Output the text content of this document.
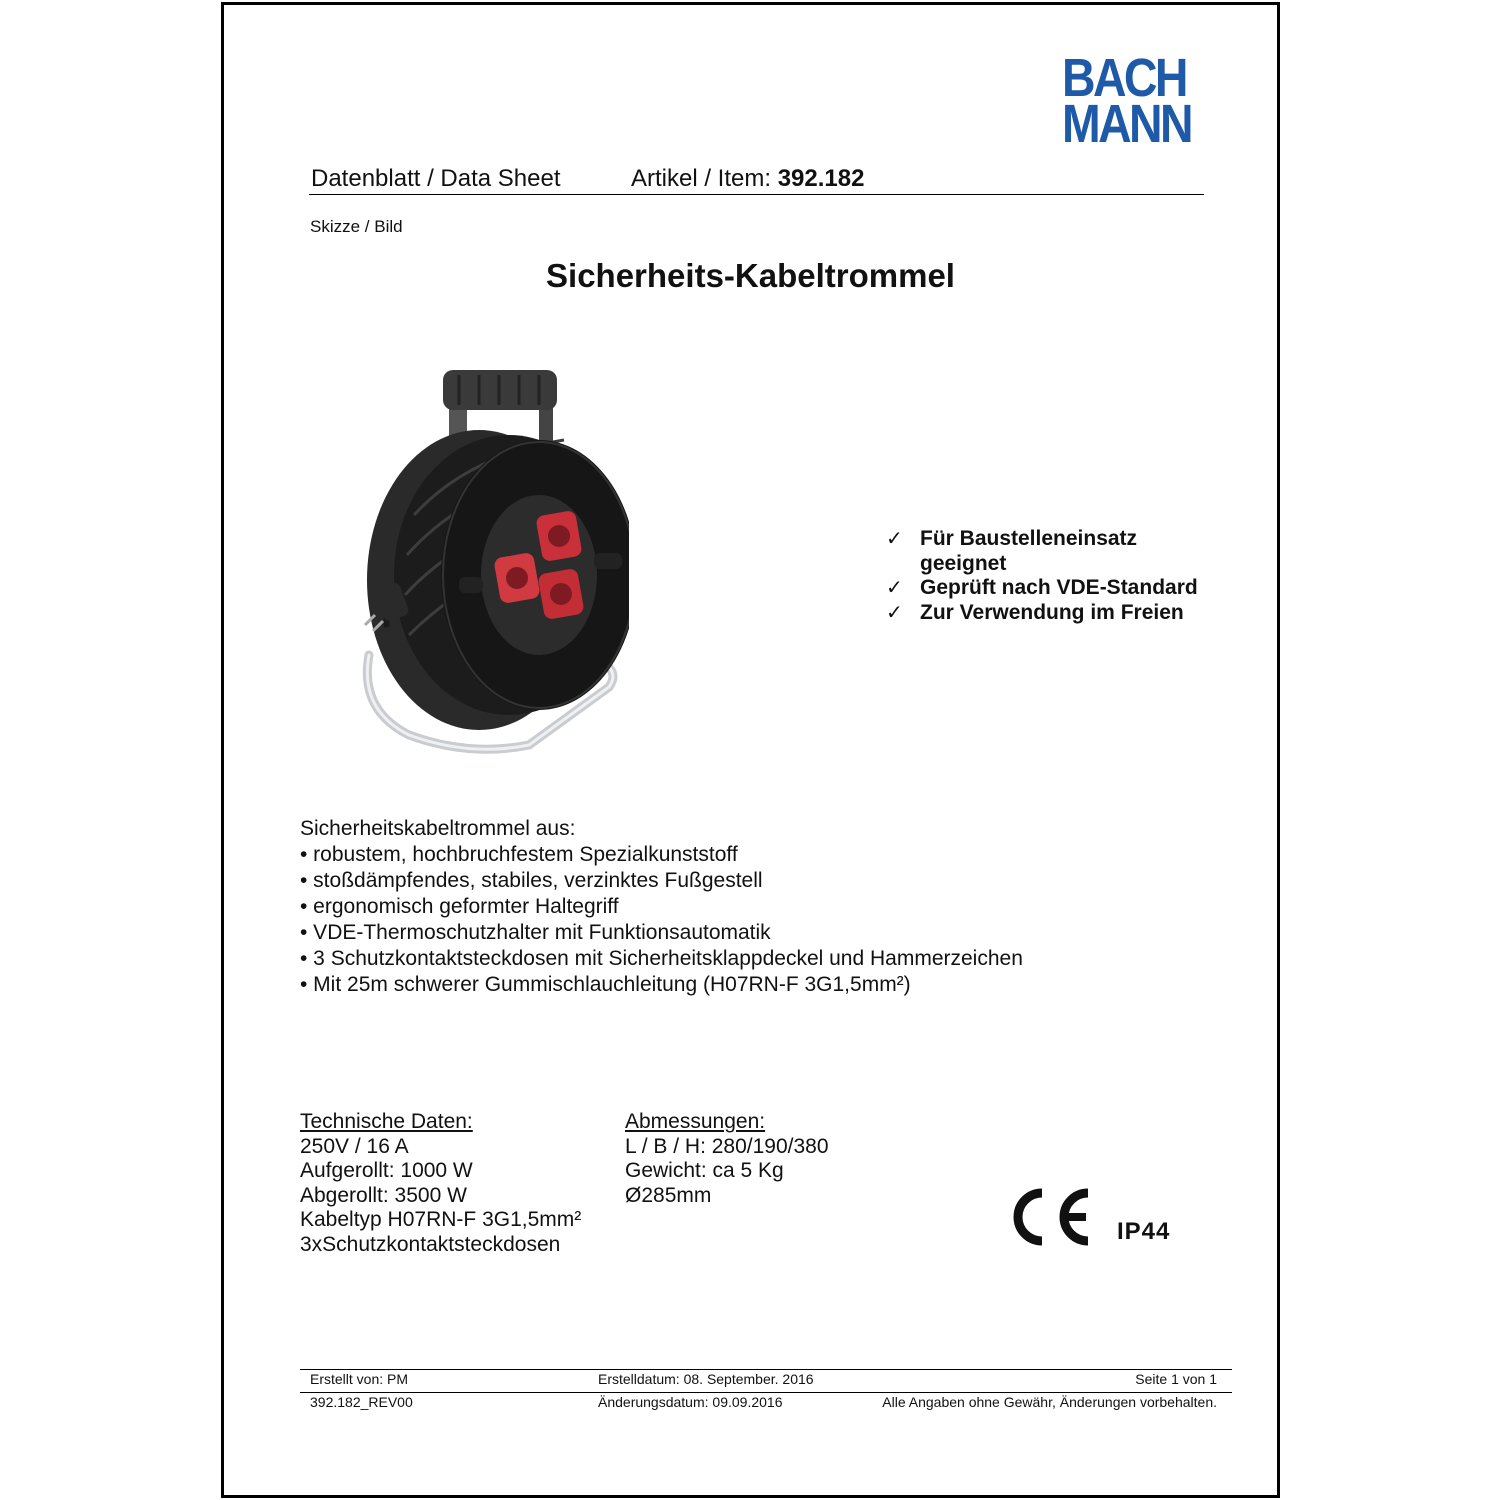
BACH
MANN
Datenblatt / Data Sheet	Artikel / Item: 392.182
Skizze / Bild
Sicherheits-Kabeltrommel
✓ Für Baustelleneinsatz geeignet
✓ Geprüft nach VDE-Standard
✓ Zur Verwendung im Freien
Sicherheitskabeltrommel aus:
• robustem, hochbruchfestem Spezialkunststoff
• stoßdämpfendes, stabiles, verzinktes Fußgestell
• ergonomisch geformter Haltegriff
• VDE-Thermoschutzhalter mit Funktionsautomatik
• 3 Schutzkontaktsteckdosen mit Sicherheitsklappdeckel und Hammerzeichen
• Mit 25m schwerer Gummischlauchleitung (H07RN-F 3G1,5mm²)
Technische Daten:
250V / 16 A
Aufgerollt: 1000 W
Abgerollt: 3500 W
Kabeltyp H07RN-F 3G1,5mm²
3xSchutzkontaktsteckdosen
Abmessungen:
L / B / H: 280/190/380
Gewicht: ca 5 Kg
Ø285mm
IP44
Erstellt von: PM	Erstelldatum: 08. September. 2016	Seite 1 von 1
392.182_REV00	Änderungsdatum: 09.09.2016	Alle Angaben ohne Gewähr, Änderungen vorbehalten.
